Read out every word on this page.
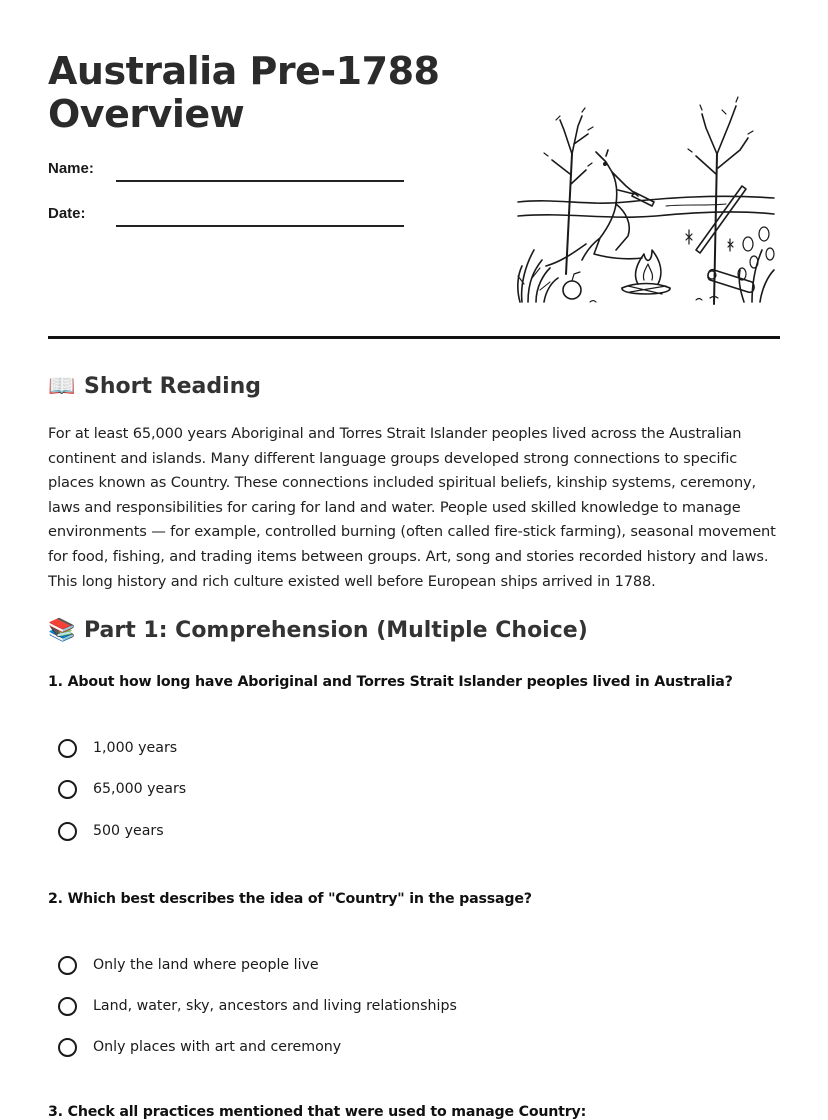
Australia Pre-1788
Overview
Name:
Date:
📖 Short Reading

For at least 65,000 years Aboriginal and Torres Strait Islander peoples lived across the Australian continent and islands. Many different language groups developed strong connections to specific places known as Country. These connections included spiritual beliefs, kinship systems, ceremony, laws and responsibilities for caring for land and water. People used skilled knowledge to manage environments — for example, controlled burning (often called fire-stick farming), seasonal movement for food, fishing, and trading items between groups. Art, song and stories recorded history and laws. This long history and rich culture existed well before European ships arrived in 1788.

📚 Part 1: Comprehension (Multiple Choice)

1. About how long have Aboriginal and Torres Strait Islander peoples lived in Australia?

1,000 years
65,000 years
500 years

2. Which best describes the idea of "Country" in the passage?

Only the land where people live
Land, water, sky, ancestors and living relationships
Only places with art and ceremony

3. Check all practices mentioned that were used to manage Country:
